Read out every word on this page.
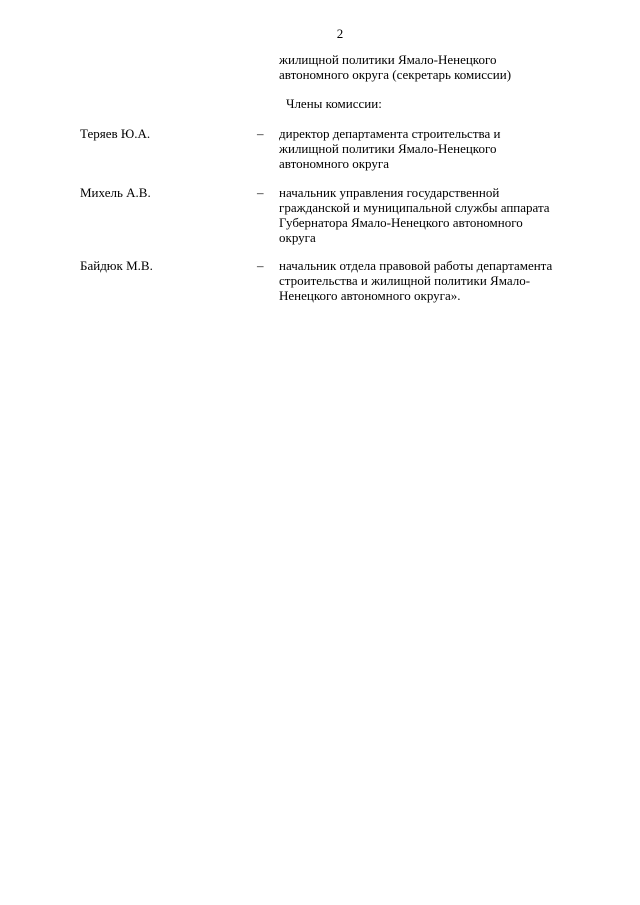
2
жилищной политики Ямало-Ненецкого
автономного округа (секретарь комиссии)
Члены комиссии:
Теряев Ю.А.	– директор департамента строительства и
жилищной политики Ямало-Ненецкого
автономного округа
Михель А.В.	– начальник управления государственной
гражданской и муниципальной службы аппарата
Губернатора Ямало-Ненецкого автономного
округа
Байдюк М.В.	– начальник отдела правовой работы департамента
строительства и жилищной политики Ямало-
Ненецкого автономного округа».
